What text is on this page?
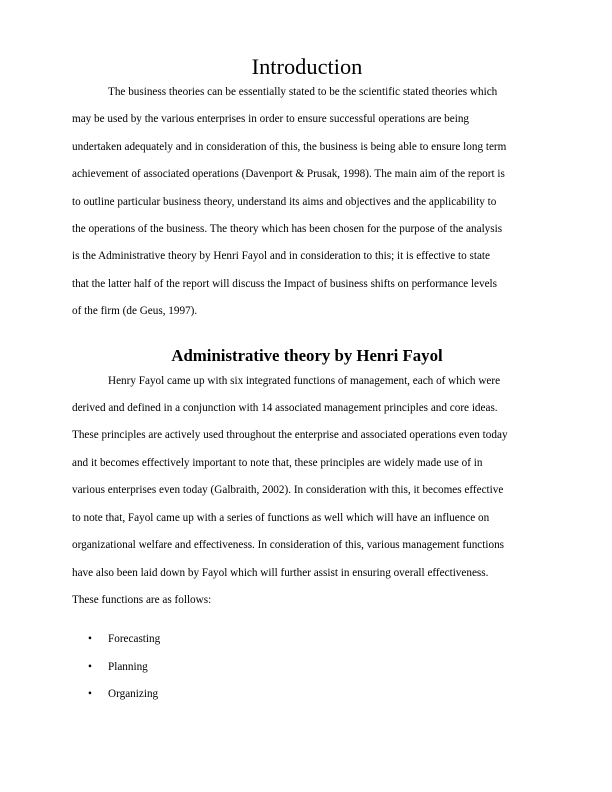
Introduction
The business theories can be essentially stated to be the scientific stated theories which
may be used by the various enterprises in order to ensure successful operations are being
undertaken adequately and in consideration of this, the business is being able to ensure long term
achievement of associated operations (Davenport & Prusak, 1998). The main aim of the report is
to outline particular business theory, understand its aims and objectives and the applicability to
the operations of the business. The theory which has been chosen for the purpose of the analysis
is the Administrative theory by Henri Fayol and in consideration to this; it is effective to state
that the latter half of the report will discuss the Impact of business shifts on performance levels
of the firm (de Geus, 1997).
Administrative theory by Henri Fayol
Henry Fayol came up with six integrated functions of management, each of which were
derived and defined in a conjunction with 14 associated management principles and core ideas.
These principles are actively used throughout the enterprise and associated operations even today
and it becomes effectively important to note that, these principles are widely made use of in
various enterprises even today (Galbraith, 2002). In consideration with this, it becomes effective
to note that, Fayol came up with a series of functions as well which will have an influence on
organizational welfare and effectiveness. In consideration of this, various management functions
have also been laid down by Fayol which will further assist in ensuring overall effectiveness.
These functions are as follows:
• Forecasting
• Planning
• Organizing
